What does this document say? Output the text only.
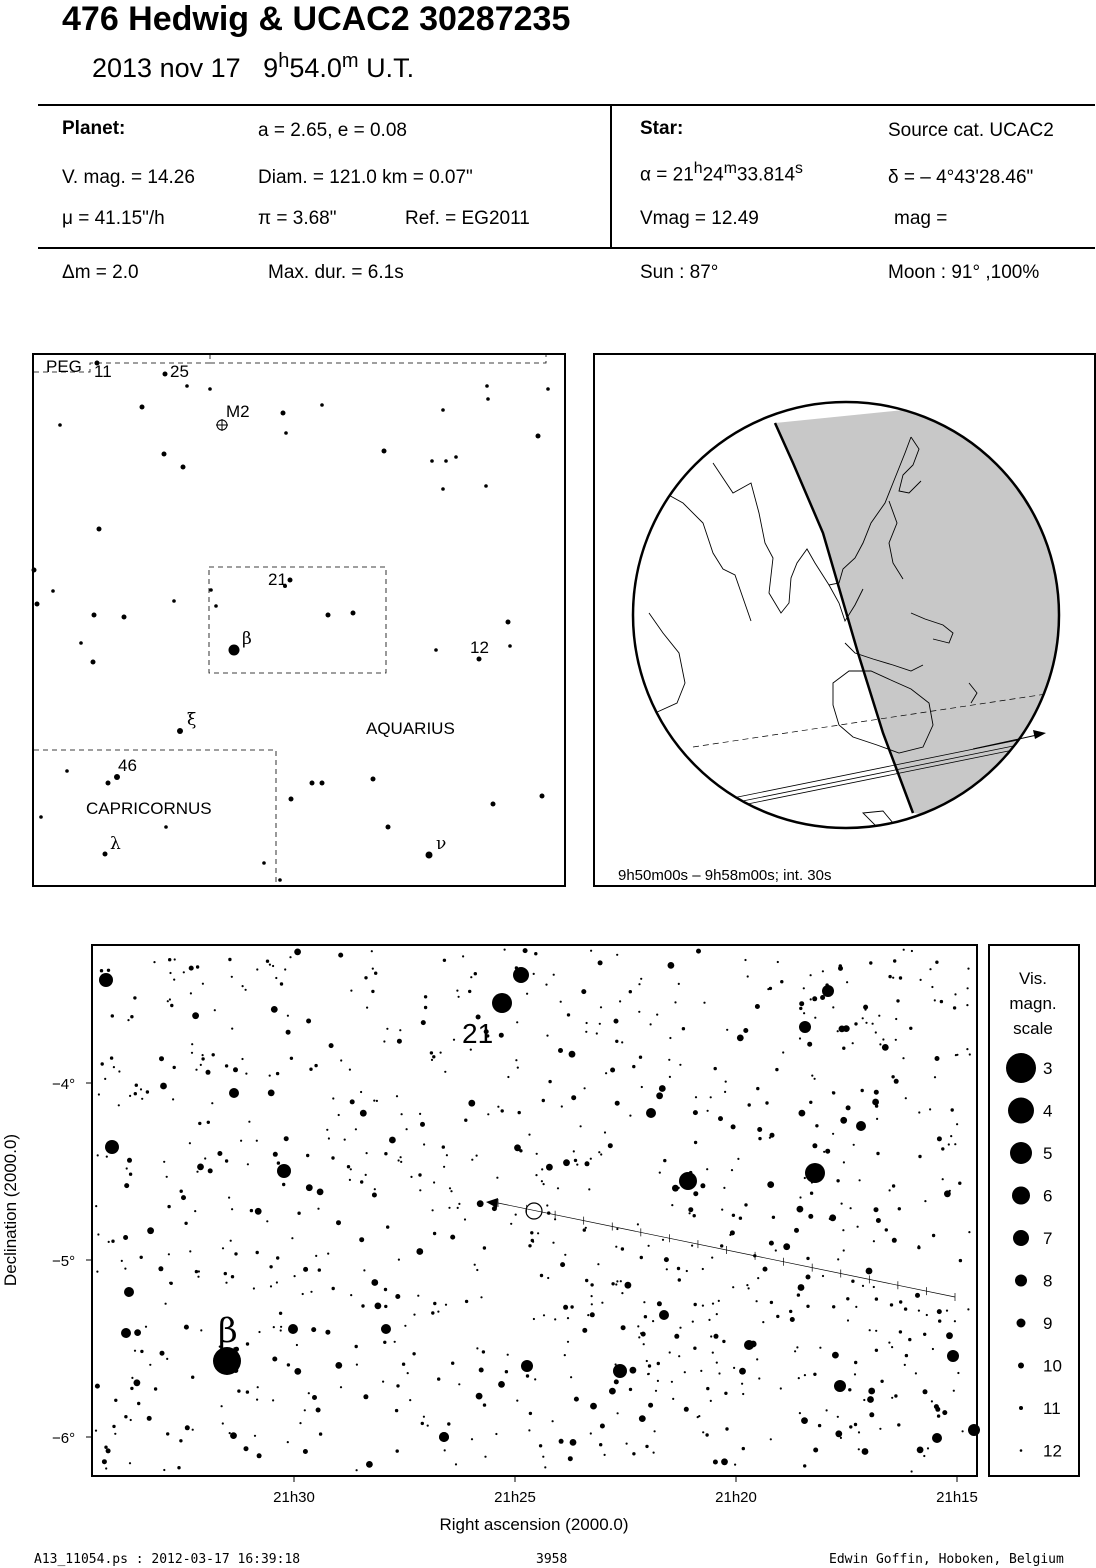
476 Hedwig & UCAC2 30287235
2013 nov 17 9$^h$54.0$^m$ U.T.
Planet:	a = 2.65, e = 0.08
V. mag. = 14.26	Diam. = 121.0 km = 0.07"
μ = 41.15"/h	π = 3.68"	Ref. = EG2011
Star:	Source cat. UCAC2
$\alpha = 21^h24^m33.814^s$	δ = – 4°43'28.46"
Vmag = 12.49	mag =
Δm = 2.0	Max. dur. = 6.1s	Sun : 87°	Moon : 91° ,100%
PEG 11	25
M2
21
β	12
ξ	AQUARIUS
46
CAPRICORNUS
λ	ν
9h50m00s – 9h58m00s; int. 30s
21
β
−4°
−5°
−6°
21h30	21h25	21h20	21h15
Right ascension (2000.0)
Declination (2000.0)
Vis.
magn.
scale
3
4
5
6
7
8
9
10
11
12
A13_11054.ps : 2012-03-17 16:39:18	3958	Edwin Goffin, Hoboken, Belgium
